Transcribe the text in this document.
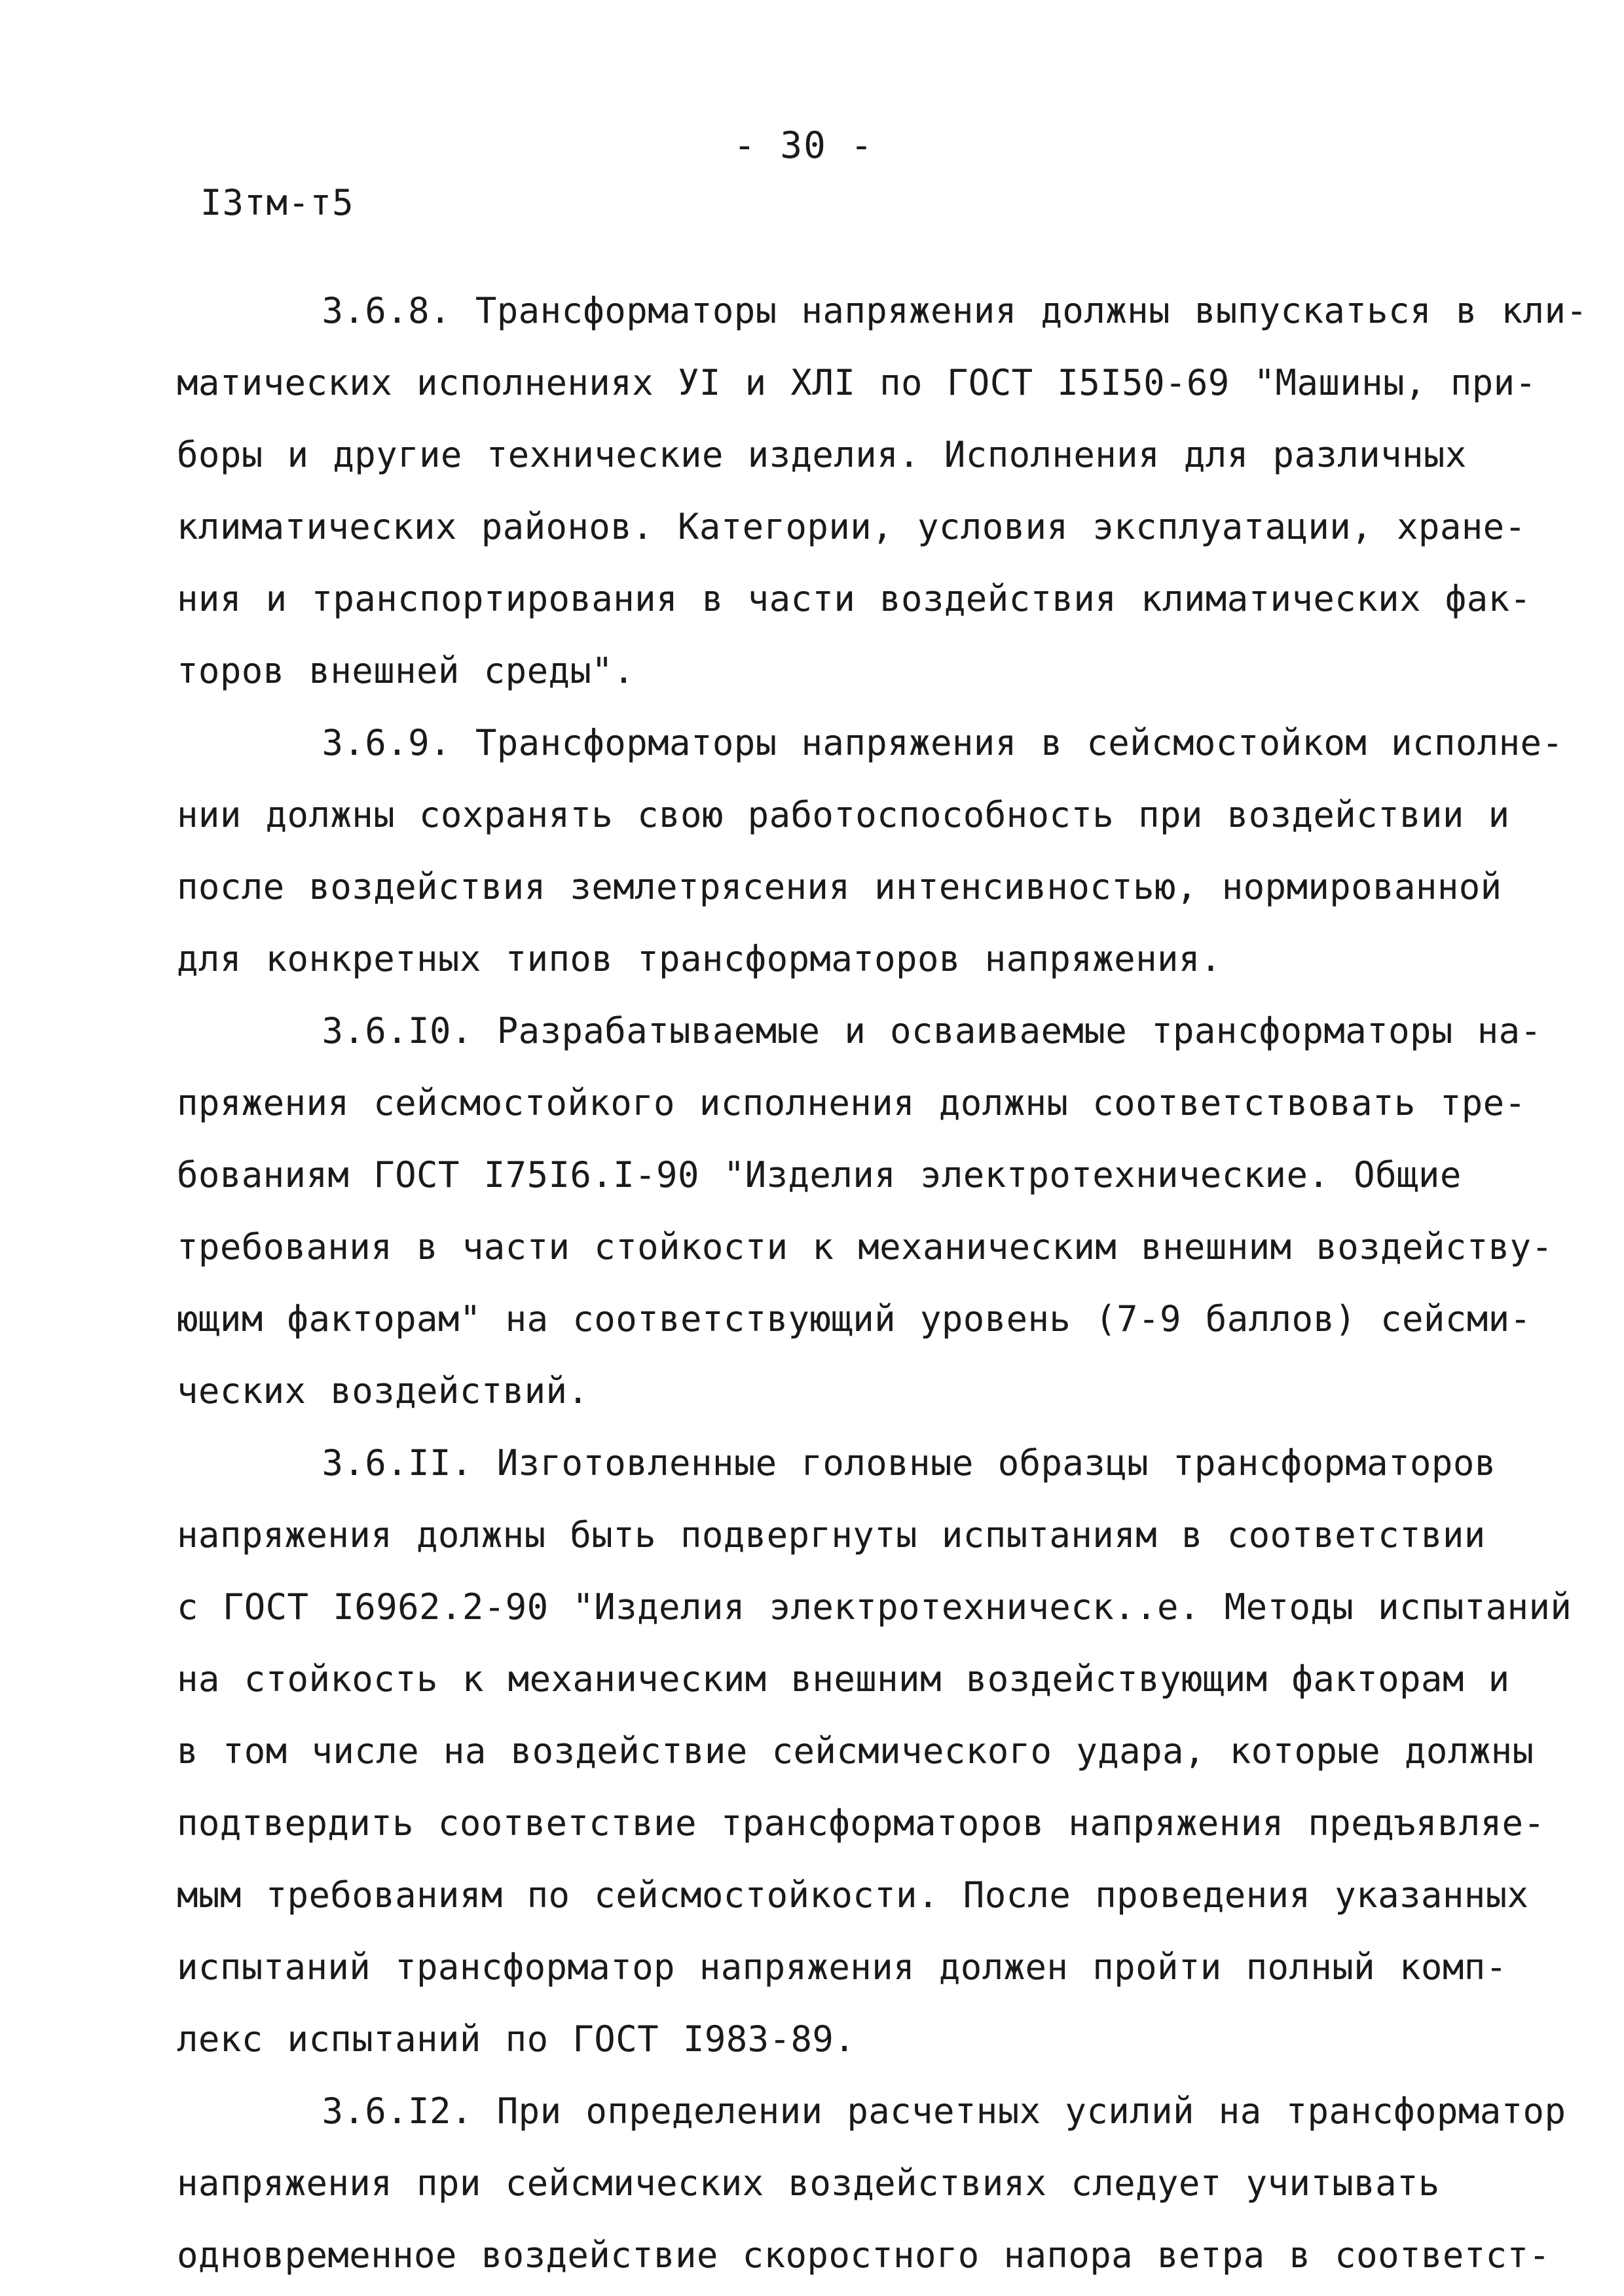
- 30 -
I3тм-т5
3.6.8. Трансформаторы напряжения должны выпускаться в кли-
матических исполнениях УI и ХЛI по ГОСТ I5I50-69 "Машины, при-
боры и другие технические изделия. Исполнения для различных
климатических районов. Категории, условия эксплуатации, хране-
ния и транспортирования в части воздействия климатических фак-
торов внешней среды".
3.6.9. Трансформаторы напряжения в сейсмостойком исполне-
нии должны сохранять свою работоспособность при воздействии и
после воздействия землетрясения интенсивностью, нормированной
для конкретных типов трансформаторов напряжения.
3.6.I0. Разрабатываемые и осваиваемые трансформаторы на-
пряжения сейсмостойкого исполнения должны соответствовать тре-
бованиям ГОСТ I75I6.I-90 "Изделия электротехнические. Общие
требования в части стойкости к механическим внешним воздейству-
ющим факторам" на соответствующий уровень (7-9 баллов) сейсми-
ческих воздействий.
3.6.II. Изготовленные головные образцы трансформаторов
напряжения должны быть подвергнуты испытаниям в соответствии
с ГОСТ I6962.2-90 "Изделия электротехническ..е. Методы испытаний
на стойкость к механическим внешним воздействующим факторам и
в том числе на воздействие сейсмического удара, которые должны
подтвердить соответствие трансформаторов напряжения предъявляе-
мым требованиям по сейсмостойкости. После проведения указанных
испытаний трансформатор напряжения должен пройти полный комп-
лекс испытаний по ГОСТ I983-89.
3.6.I2. При определении расчетных усилий на трансформатор
напряжения при сейсмических воздействиях следует учитывать
одновременное воздействие скоростного напора ветра в соответст-
